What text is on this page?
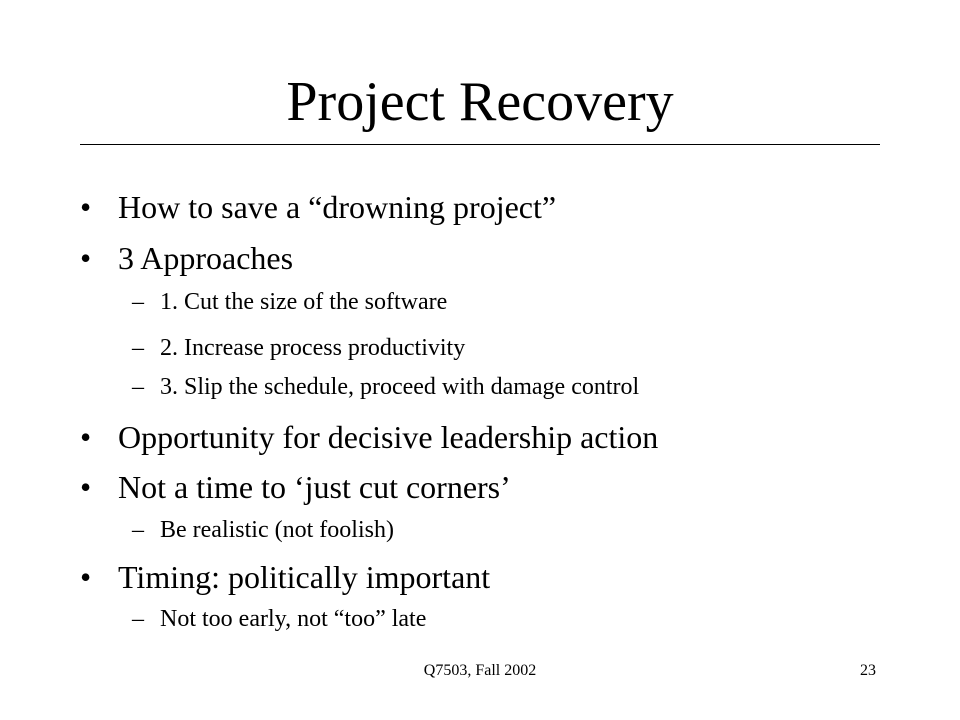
Project Recovery
• How to save a “drowning project”
• 3 Approaches
– 1. Cut the size of the software
– 2. Increase process productivity
– 3. Slip the schedule, proceed with damage control
• Opportunity for decisive leadership action
• Not a time to ‘just cut corners’
– Be realistic (not foolish)
• Timing: politically important
– Not too early, not “too” late
Q7503, Fall 2002	23
